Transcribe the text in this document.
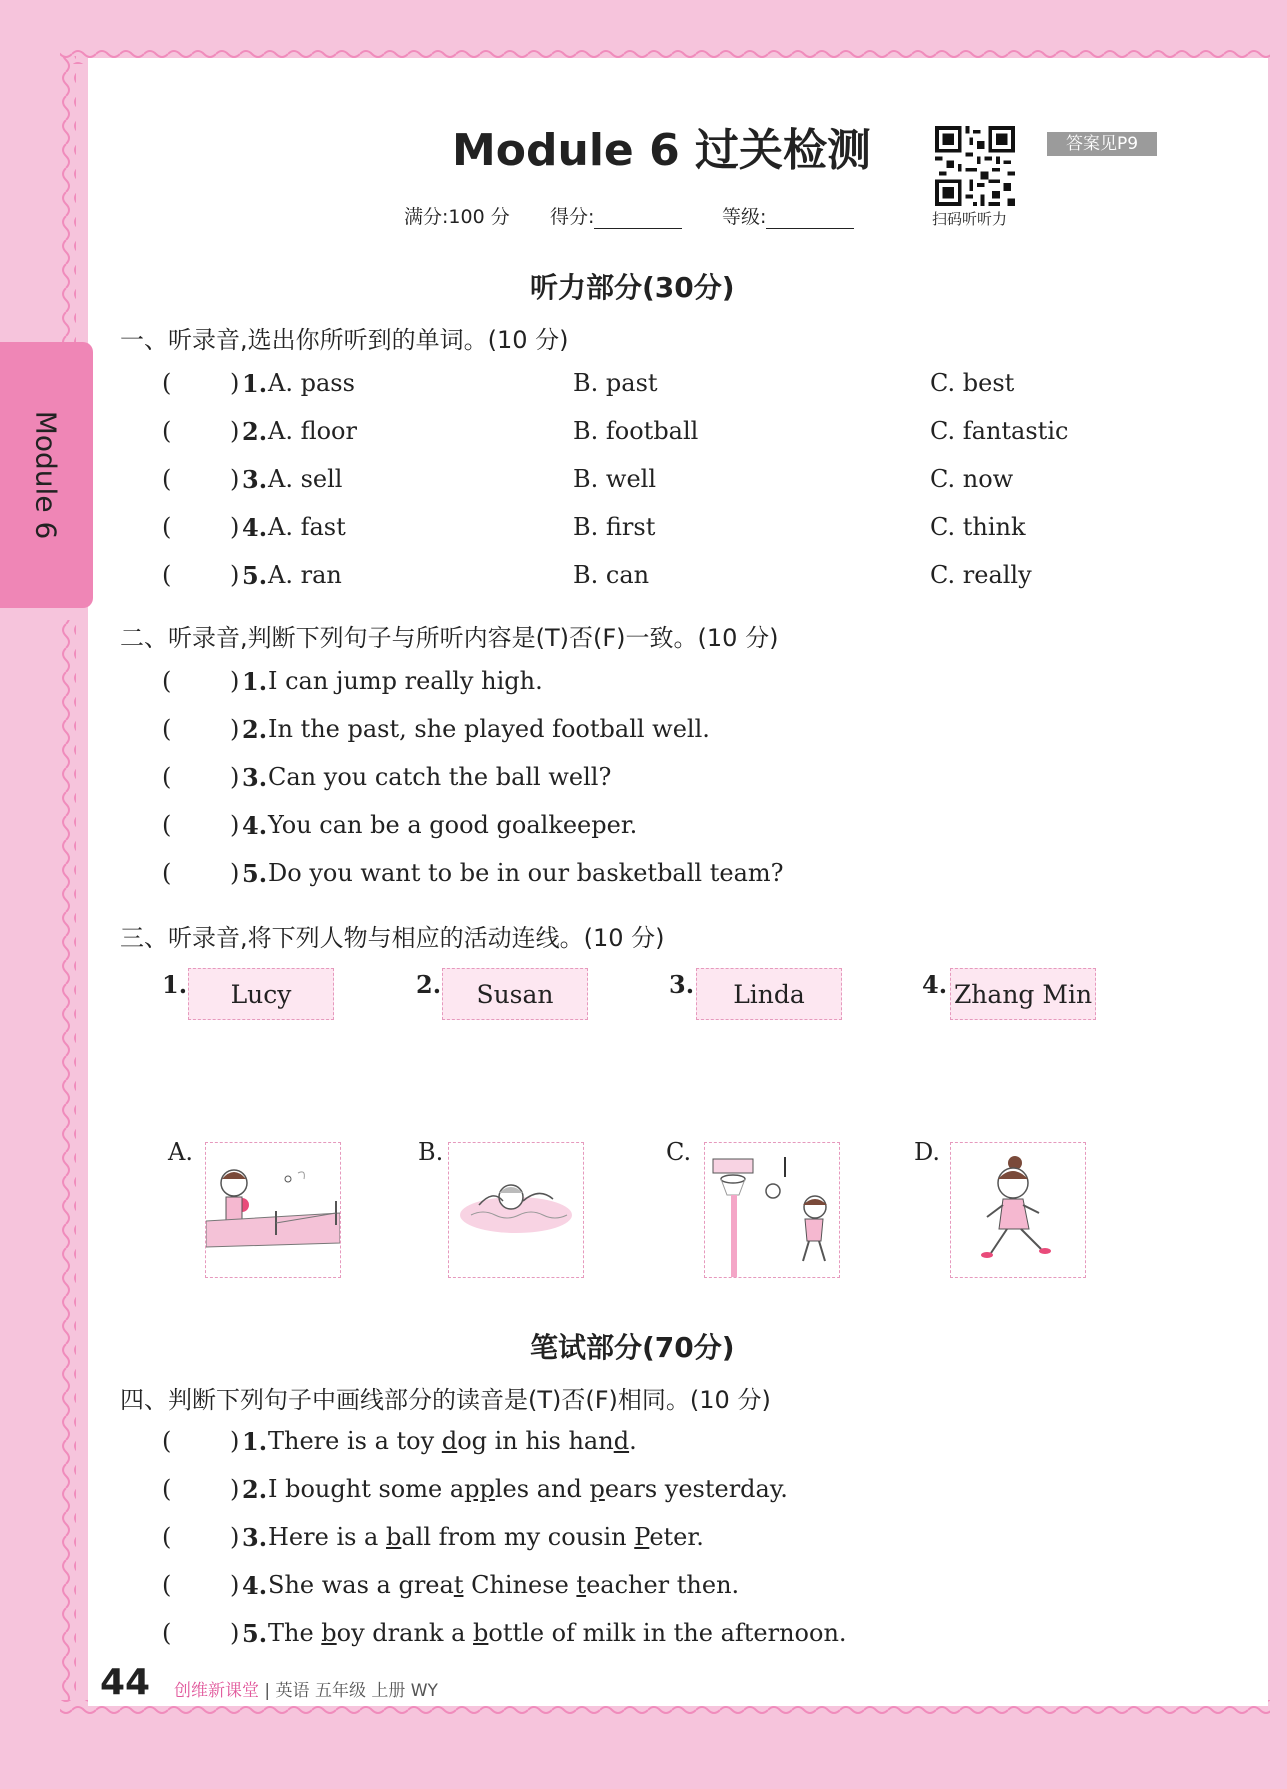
Module 6
Module 6 过关检测
扫码听听力
答案见P9
满分:100 分 得分:	等级:
听力部分(30分)
一、听录音,选出你所听到的单词。(10 分)
( ) 1. A. pass	B. past	C. best
( ) 2. A. floor	B. football	C. fantastic
( ) 3. A. sell	B. well	C. now
( ) 4. A. fast	B. first	C. think
( ) 5. A. ran	B. can	C. really
二、听录音,判断下列句子与所听内容是(T)否(F)一致。(10 分)
( ) 1. I can jump really high.
( ) 2. In the past, she played football well.
( ) 3. Can you catch the ball well?
( ) 4. You can be a good goalkeeper.
( ) 5. Do you want to be in our basketball team?
三、听录音,将下列人物与相应的活动连线。(10 分)
1.	Lucy	2.	Susan	3.	Linda	4. Zhang Min
A.	B.	C.	D.
笔试部分(70分)
四、判断下列句子中画线部分的读音是(T)否(F)相同。(10 分)
( ) 1. There is a toy dog in his hand.
( ) 2. I bought some apples and pears yesterday.
( ) 3. Here is a ball from my cousin Peter.
( ) 4. She was a great Chinese teacher then.
( ) 5. The boy drank a bottle of milk in the afternoon.
44 创维新课堂 | 英语 五年级 上册 WY
